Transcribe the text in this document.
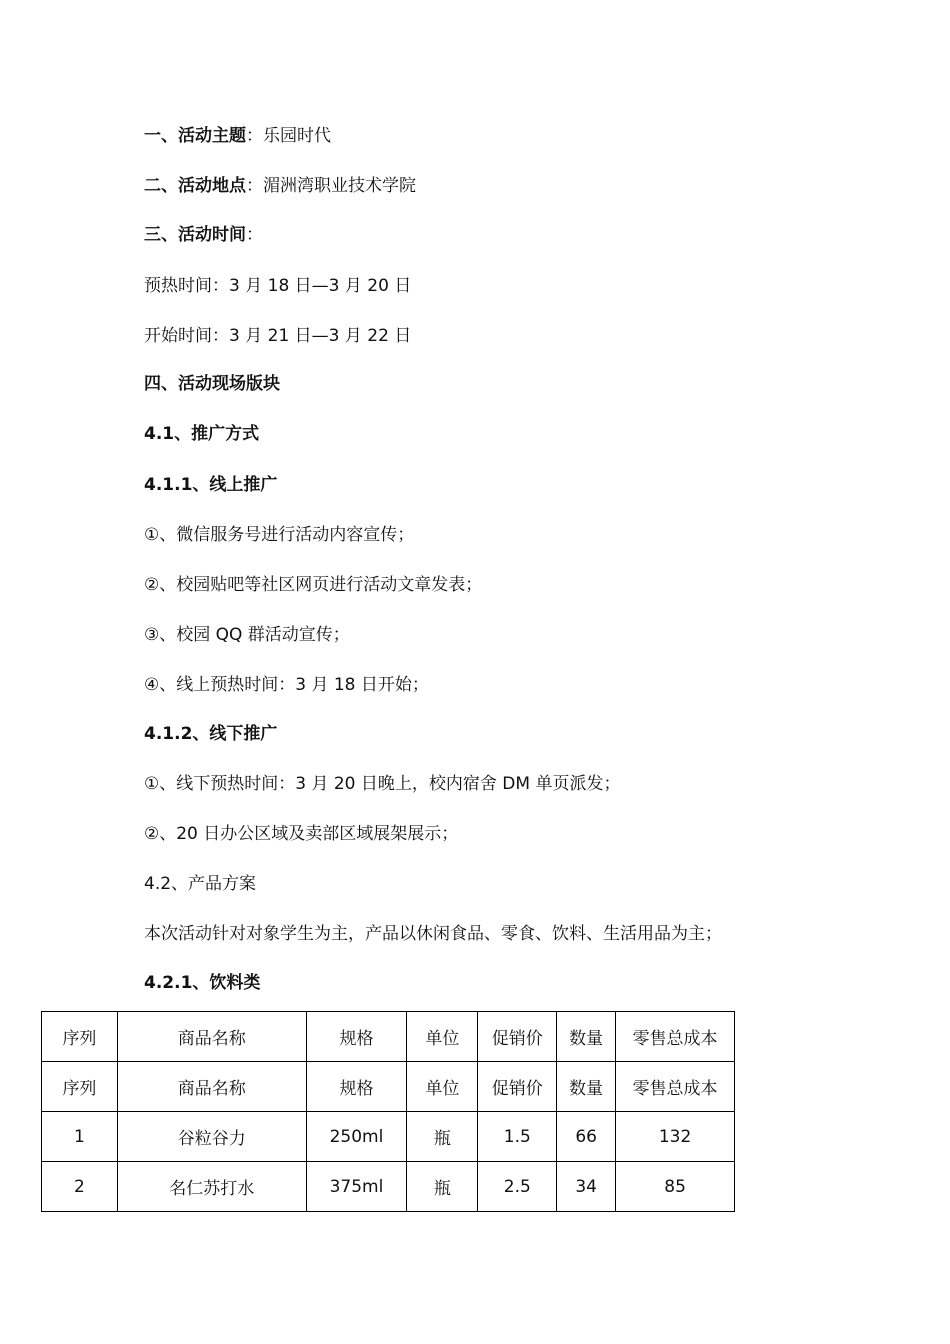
一、活动主题：乐园时代
二、活动地点：湄洲湾职业技术学院
三、活动时间：
预热时间：3 月 18 日—3 月 20 日
开始时间：3 月 21 日—3 月 22 日
四、活动现场版块
4.1、推广方式
4.1.1、线上推广
①、微信服务号进行活动内容宣传；
②、校园贴吧等社区网页进行活动文章发表；
③、校园 QQ 群活动宣传；
④、线上预热时间：3 月 18 日开始；
4.1.2、线下推广
①、线下预热时间：3 月 20 日晚上，校内宿舍 DM 单页派发；
②、20 日办公区域及卖部区域展架展示；
4.2、产品方案
本次活动针对对象学生为主，产品以休闲食品、零食、饮料、生活用品为主；
4.2.1、饮料类
序列	商品名称	规格	单位	促销价	数量	零售总成本
序列	商品名称	规格	单位	促销价	数量	零售总成本
1	谷粒谷力	250ml	瓶	1.5	66	132
2	名仁苏打水	375ml	瓶	2.5	34	85
